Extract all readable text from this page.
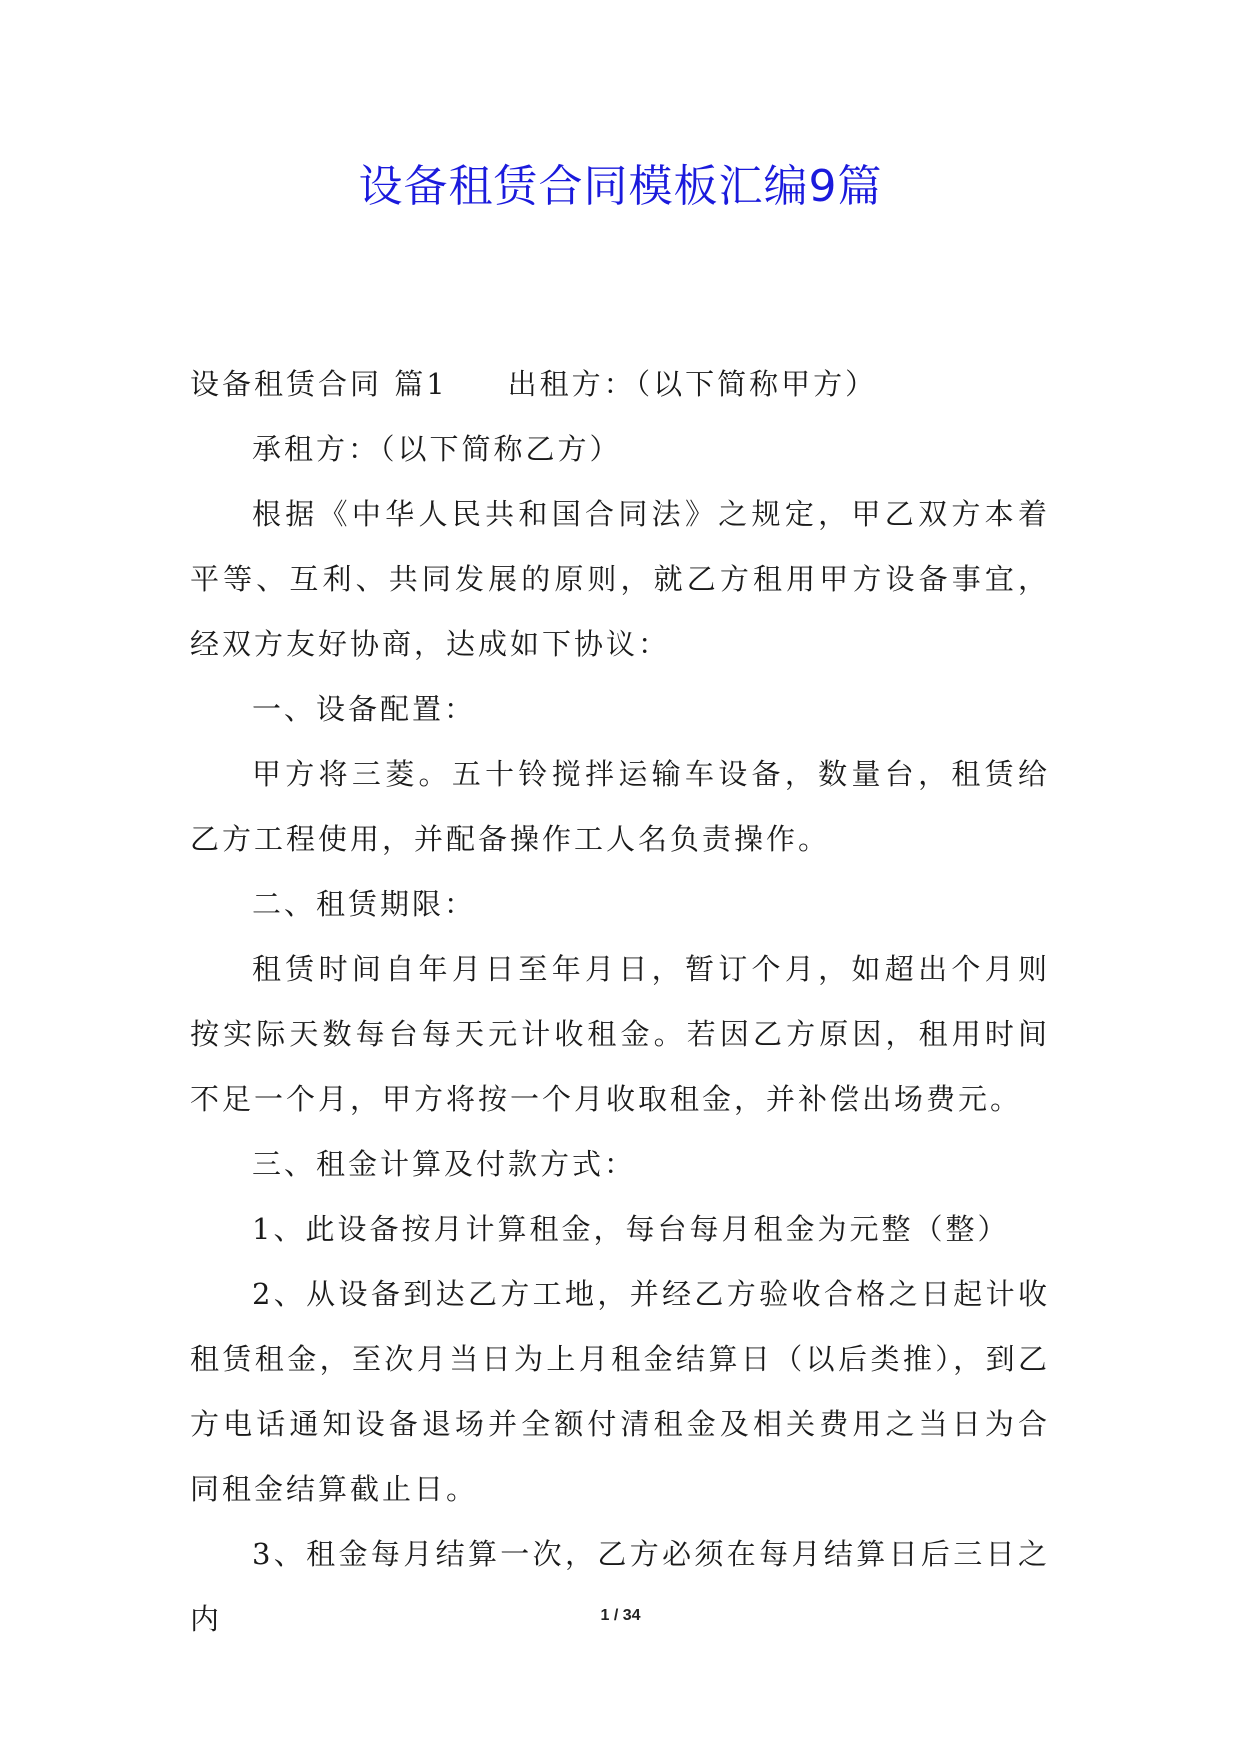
设备租赁合同模板汇编9篇

设备租赁合同 篇1 出租方：（以下简称甲方）

承租方：（以下简称乙方）

根据《中华人民共和国合同法》之规定，甲乙双方本着平等、互利、共同发展的原则，就乙方租用甲方设备事宜，经双方友好协商，达成如下协议：

一、设备配置：

甲方将三菱。五十铃搅拌运输车设备，数量台，租赁给乙方工程使用，并配备操作工人名负责操作。

二、租赁期限：

租赁时间自年月日至年月日，暂订个月，如超出个月则按实际天数每台每天元计收租金。若因乙方原因，租用时间不足一个月，甲方将按一个月收取租金，并补偿出场费元。

三、租金计算及付款方式：

1、此设备按月计算租金，每台每月租金为元整（整）

2、从设备到达乙方工地，并经乙方验收合格之日起计收租赁租金，至次月当日为上月租金结算日（以后类推），到乙方电话通知设备退场并全额付清租金及相关费用之当日为合同租金结算截止日。

3、租金每月结算一次，乙方必须在每月结算日后三日之内	1 / 34
